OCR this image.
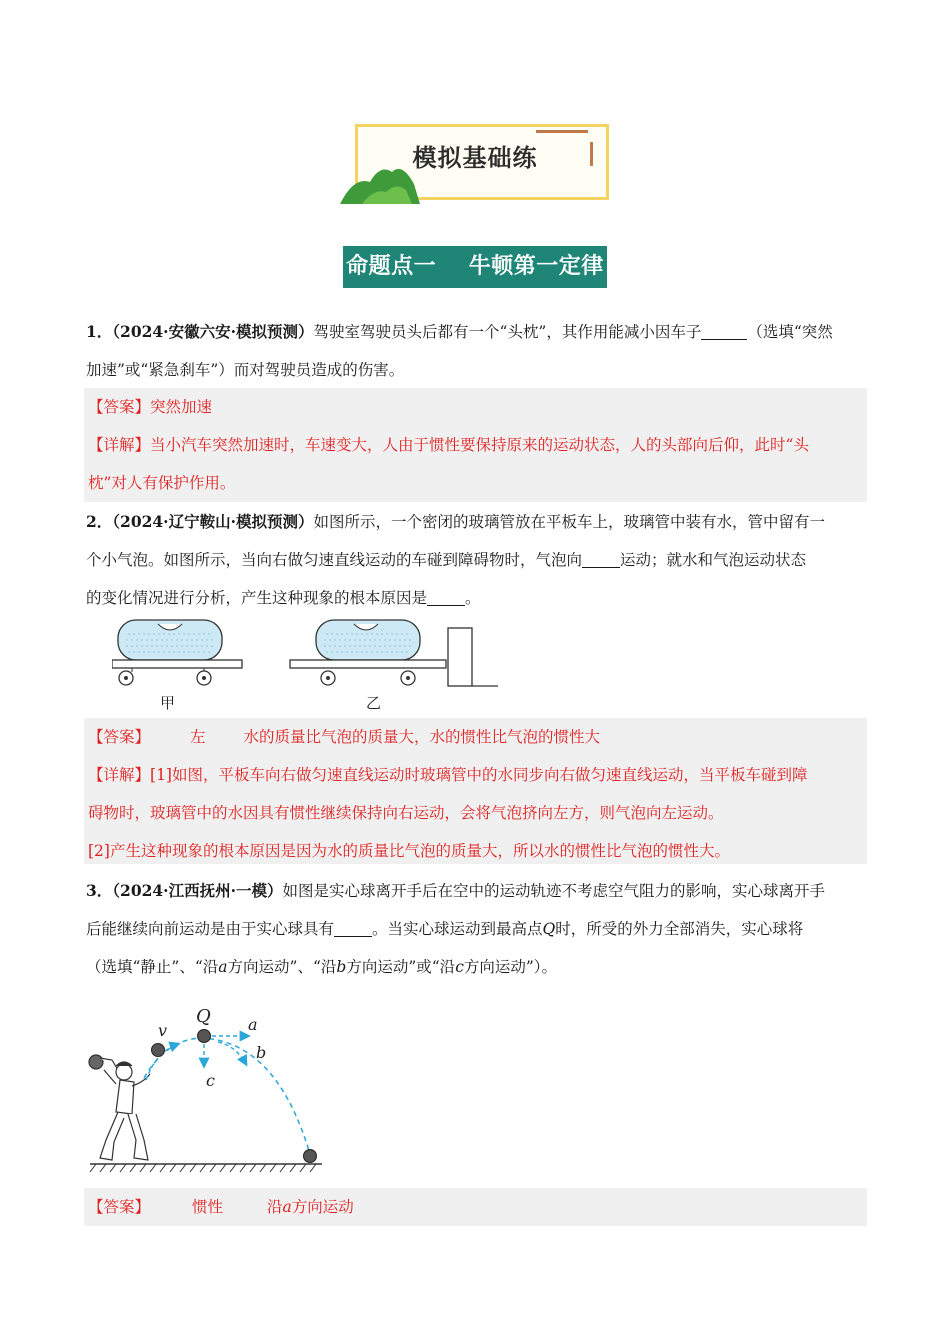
模拟基础练
命题点一    牛顿第一定律
1．（2024·安徽六安·模拟预测）驾驶室驾驶员头后都有一个“头枕”，其作用能减小因车子	（选填“突然
加速”或“紧急刹车”）而对驾驶员造成的伤害。
【答案】突然加速
【详解】当小汽车突然加速时，车速变大，人由于惯性要保持原来的运动状态，人的头部向后仰，此时“头
枕”对人有保护作用。
2．（2024·辽宁鞍山·模拟预测）如图所示，一个密闭的玻璃管放在平板车上，玻璃管中装有水，管中留有一
个小气泡。如图所示，当向右做匀速直线运动的车碰到障碍物时，气泡向 运动；就水和气泡运动状态
的变化情况进行分析，产生这种现象的根本原因是 。
甲	乙
【答案】	左 水的质量比气泡的质量大，水的惯性比气泡的惯性大
【详解】[1]如图，平板车向右做匀速直线运动时玻璃管中的水同步向右做匀速直线运动，当平板车碰到障
碍物时，玻璃管中的水因具有惯性继续保持向右运动，会将气泡挤向左方，则气泡向左运动。
[2]产生这种现象的根本原因是因为水的质量比气泡的质量大，所以水的惯性比气泡的惯性大。
3．（2024·江西抚州·一模）如图是实心球离开手后在空中的运动轨迹不考虑空气阻力的影响，实心球离开手
后能继续向前运动是由于实心球具有 。当实心球运动到最高点Q时，所受的外力全部消失，实心球将
（选填“静止”、“沿a方向运动”、“沿b方向运动”或“沿c方向运动”）。
Q
v	a
b
c
【答案】	惯性	沿a方向运动
